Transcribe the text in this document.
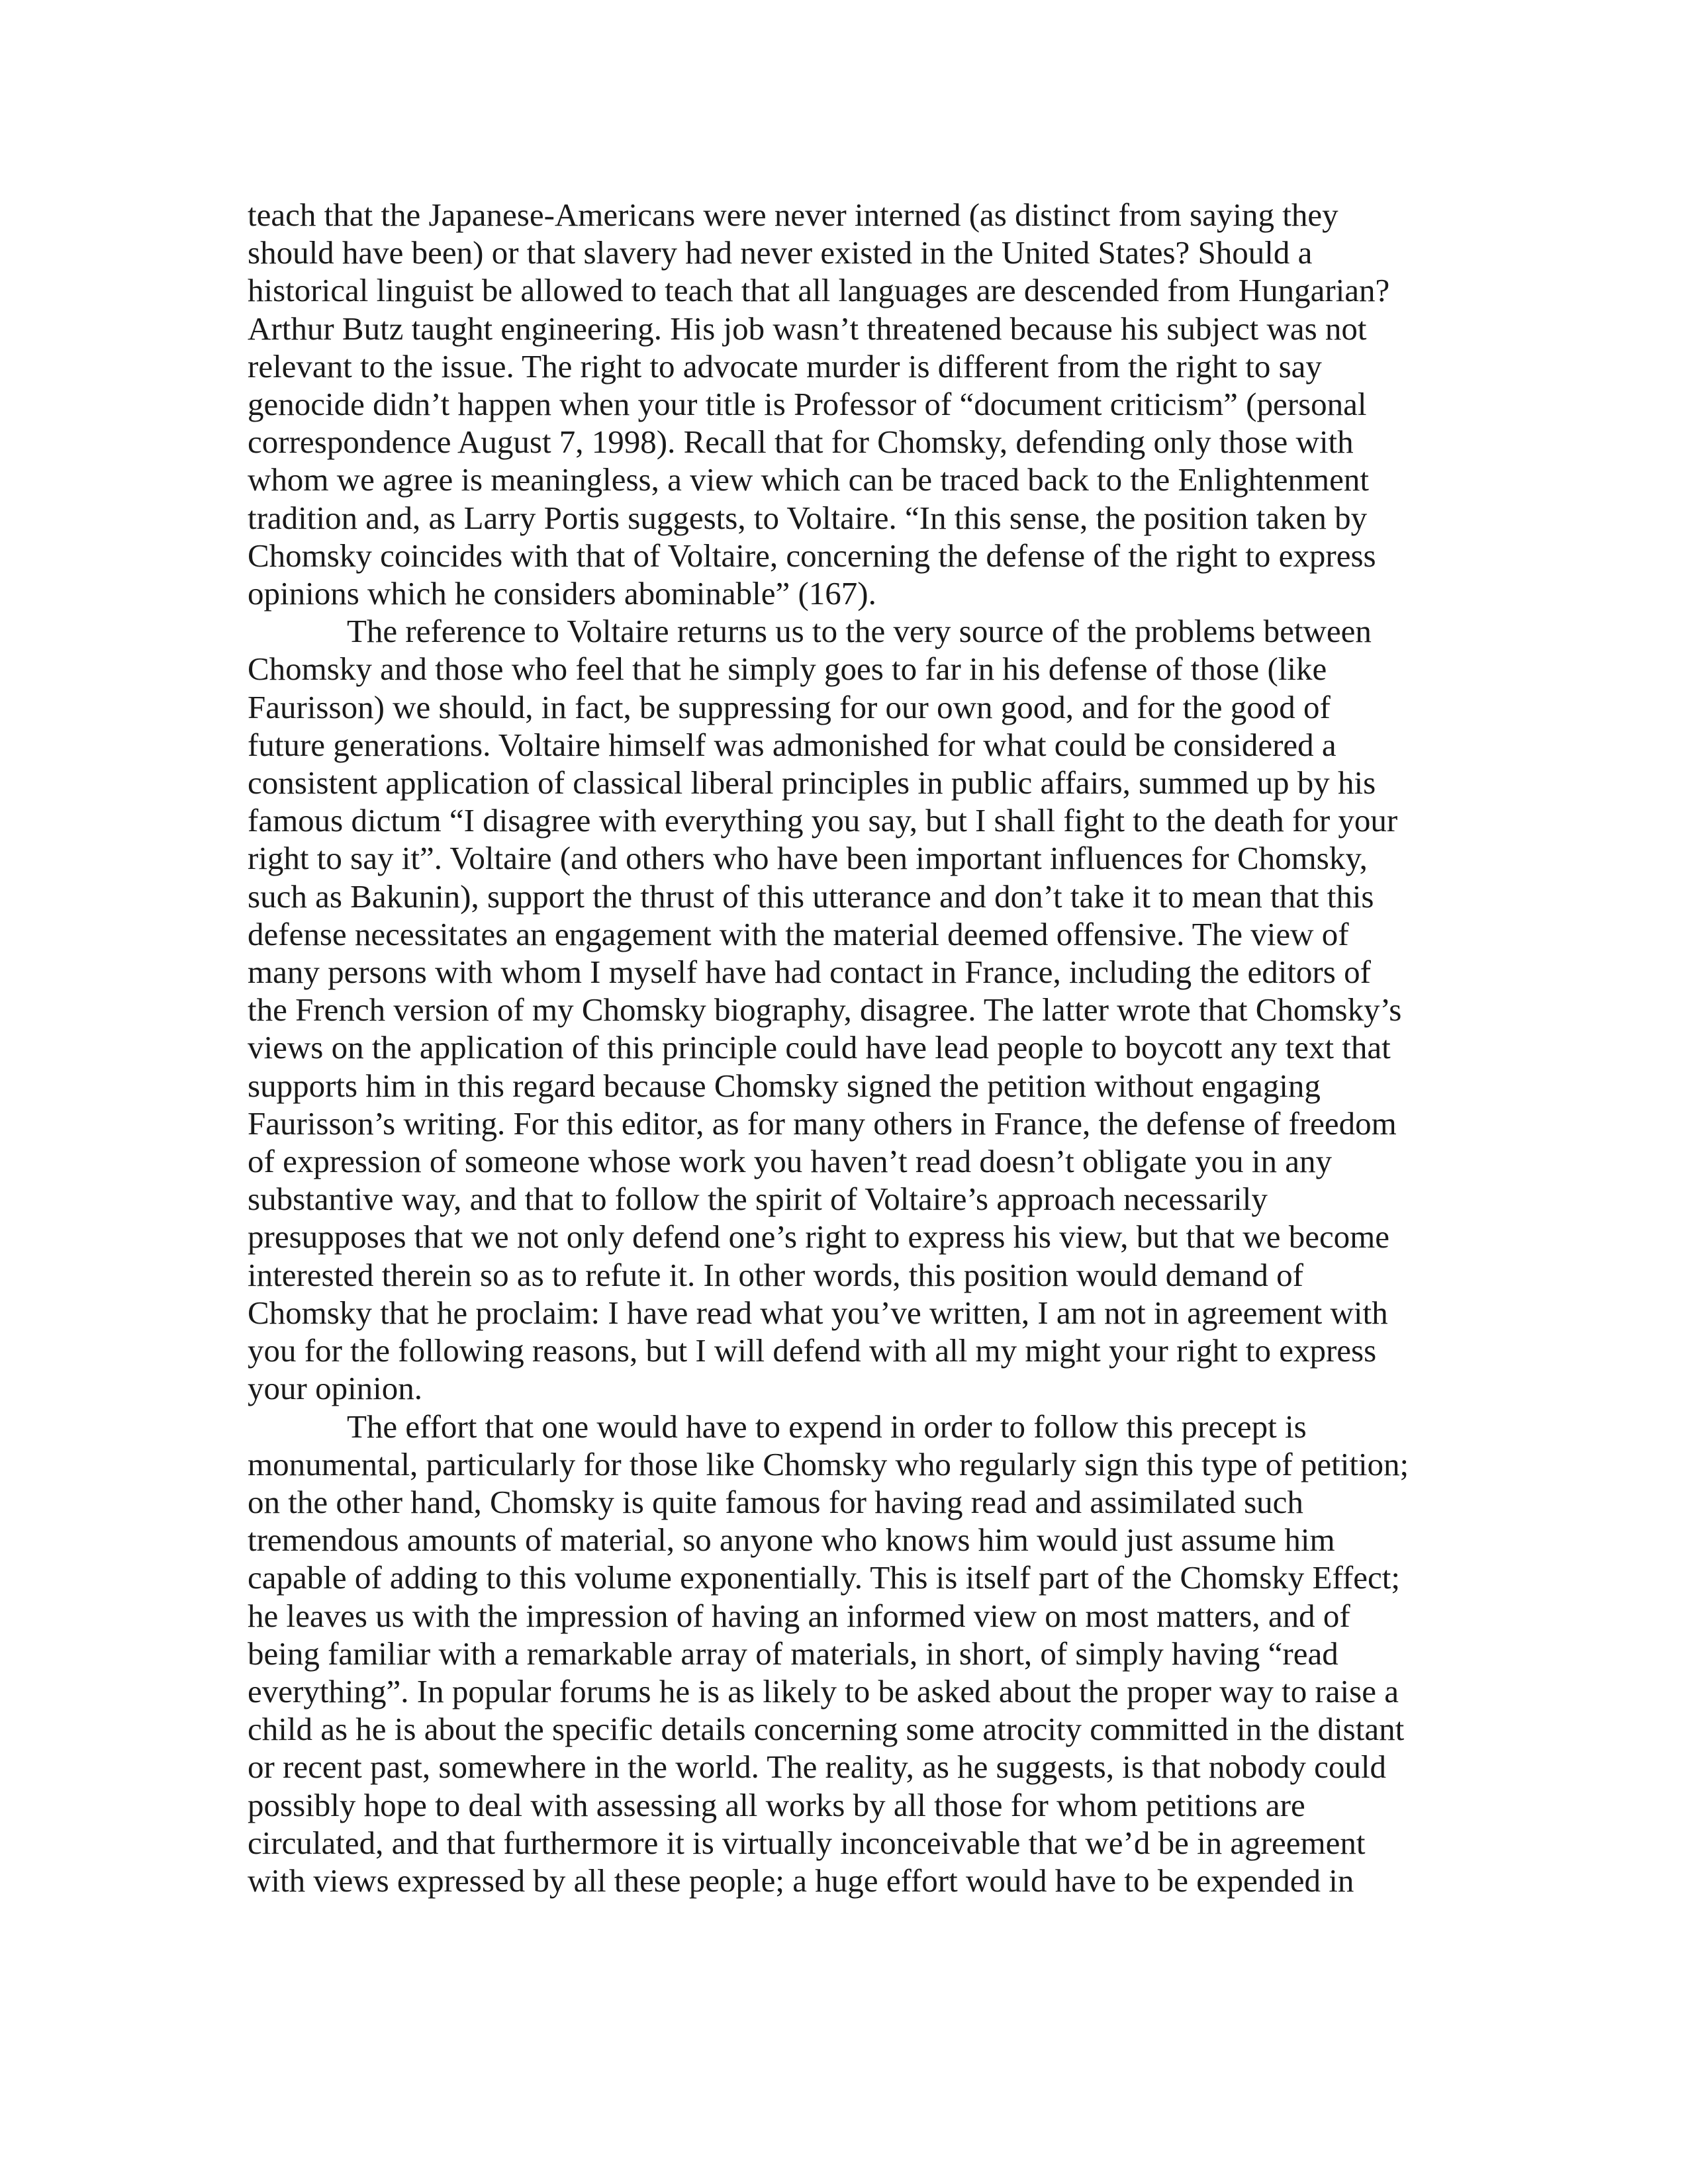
teach that the Japanese-Americans were never interned (as distinct from saying they
should have been) or that slavery had never existed in the United States? Should a
historical linguist be allowed to teach that all languages are descended from Hungarian?
Arthur Butz taught engineering. His job wasn’t threatened because his subject was not
relevant to the issue. The right to advocate murder is different from the right to say
genocide didn’t happen when your title is Professor of “document criticism” (personal
correspondence August 7, 1998). Recall that for Chomsky, defending only those with
whom we agree is meaningless, a view which can be traced back to the Enlightenment
tradition and, as Larry Portis suggests, to Voltaire. “In this sense, the position taken by
Chomsky coincides with that of Voltaire, concerning the defense of the right to express
opinions which he considers abominable” (167).
The reference to Voltaire returns us to the very source of the problems between
Chomsky and those who feel that he simply goes to far in his defense of those (like
Faurisson) we should, in fact, be suppressing for our own good, and for the good of
future generations. Voltaire himself was admonished for what could be considered a
consistent application of classical liberal principles in public affairs, summed up by his
famous dictum “I disagree with everything you say, but I shall fight to the death for your
right to say it”. Voltaire (and others who have been important influences for Chomsky,
such as Bakunin), support the thrust of this utterance and don’t take it to mean that this
defense necessitates an engagement with the material deemed offensive. The view of
many persons with whom I myself have had contact in France, including the editors of
the French version of my Chomsky biography, disagree. The latter wrote that Chomsky’s
views on the application of this principle could have lead people to boycott any text that
supports him in this regard because Chomsky signed the petition without engaging
Faurisson’s writing. For this editor, as for many others in France, the defense of freedom
of expression of someone whose work you haven’t read doesn’t obligate you in any
substantive way, and that to follow the spirit of Voltaire’s approach necessarily
presupposes that we not only defend one’s right to express his view, but that we become
interested therein so as to refute it. In other words, this position would demand of
Chomsky that he proclaim: I have read what you’ve written, I am not in agreement with
you for the following reasons, but I will defend with all my might your right to express
your opinion.
The effort that one would have to expend in order to follow this precept is
monumental, particularly for those like Chomsky who regularly sign this type of petition;
on the other hand, Chomsky is quite famous for having read and assimilated such
tremendous amounts of material, so anyone who knows him would just assume him
capable of adding to this volume exponentially. This is itself part of the Chomsky Effect;
he leaves us with the impression of having an informed view on most matters, and of
being familiar with a remarkable array of materials, in short, of simply having “read
everything”. In popular forums he is as likely to be asked about the proper way to raise a
child as he is about the specific details concerning some atrocity committed in the distant
or recent past, somewhere in the world. The reality, as he suggests, is that nobody could
possibly hope to deal with assessing all works by all those for whom petitions are
circulated, and that furthermore it is virtually inconceivable that we’d be in agreement
with views expressed by all these people; a huge effort would have to be expended in
